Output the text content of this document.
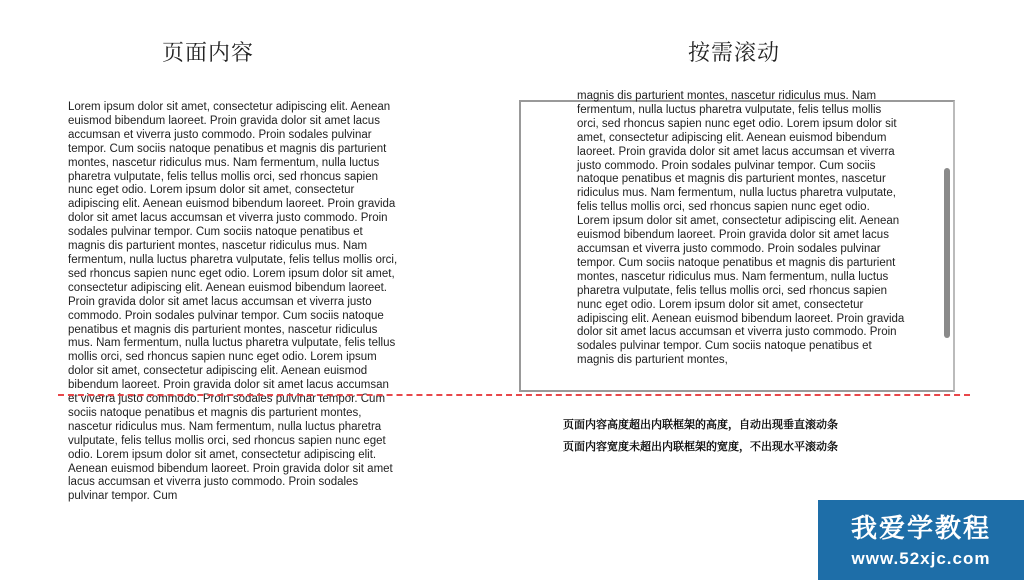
页面内容	按需滚动

Lorem ipsum dolor sit amet, consectetur adipiscing elit. Aenean euismod bibendum laoreet. Proin gravida dolor sit amet lacus accumsan et viverra justo commodo. Proin sodales pulvinar tempor. Cum sociis natoque penatibus et magnis dis parturient montes, nascetur ridiculus mus. Nam fermentum, nulla luctus pharetra vulputate, felis tellus mollis orci, sed rhoncus sapien nunc eget odio. Lorem ipsum dolor sit amet, consectetur adipiscing elit. Aenean euismod bibendum laoreet. Proin gravida dolor sit amet lacus accumsan et viverra justo commodo. Proin sodales pulvinar tempor. Cum sociis natoque penatibus et magnis dis parturient montes, nascetur ridiculus mus. Nam fermentum, nulla luctus pharetra vulputate, felis tellus mollis orci, sed rhoncus sapien nunc eget odio. Lorem ipsum dolor sit amet, consectetur adipiscing elit. Aenean euismod bibendum laoreet. Proin gravida dolor sit amet lacus accumsan et viverra justo commodo. Proin sodales pulvinar tempor. Cum sociis natoque penatibus et magnis dis parturient montes, nascetur ridiculus mus. Nam fermentum, nulla luctus pharetra vulputate, felis tellus mollis orci, sed rhoncus sapien nunc eget odio. Lorem ipsum dolor sit amet, consectetur adipiscing elit. Aenean euismod bibendum laoreet. Proin gravida dolor sit amet lacus accumsan et viverra justo commodo. Proin sodales pulvinar tempor. Cum sociis natoque penatibus et magnis dis parturient montes, nascetur ridiculus mus. Nam fermentum, nulla luctus pharetra vulputate, felis tellus mollis orci, sed rhoncus sapien nunc eget odio. Lorem ipsum dolor sit amet, consectetur adipiscing elit. Aenean euismod bibendum laoreet. Proin gravida dolor sit amet lacus accumsan et viverra justo commodo. Proin sodales pulvinar tempor. Cum

magnis dis parturient montes, nascetur ridiculus mus. Nam fermentum, nulla luctus pharetra vulputate, felis tellus mollis orci, sed rhoncus sapien nunc eget odio. Lorem ipsum dolor sit amet, consectetur adipiscing elit. Aenean euismod bibendum laoreet. Proin gravida dolor sit amet lacus accumsan et viverra justo commodo. Proin sodales pulvinar tempor. Cum sociis natoque penatibus et magnis dis parturient montes, nascetur ridiculus mus. Nam fermentum, nulla luctus pharetra vulputate, felis tellus mollis orci, sed rhoncus sapien nunc eget odio. Lorem ipsum dolor sit amet, consectetur adipiscing elit. Aenean euismod bibendum laoreet. Proin gravida dolor sit amet lacus accumsan et viverra justo commodo. Proin sodales pulvinar tempor. Cum sociis natoque penatibus et magnis dis parturient montes, nascetur ridiculus mus. Nam fermentum, nulla luctus pharetra vulputate, felis tellus mollis orci, sed rhoncus sapien nunc eget odio. Lorem ipsum dolor sit amet, consectetur adipiscing elit. Aenean euismod bibendum laoreet. Proin gravida dolor sit amet lacus accumsan et viverra justo commodo. Proin sodales pulvinar tempor. Cum sociis natoque penatibus et magnis dis parturient montes,

页面内容高度超出内联框架的高度，自动出现垂直滚动条
页面内容宽度未超出内联框架的宽度，不出现水平滚动条
我爱学教程
www.52xjc.com
